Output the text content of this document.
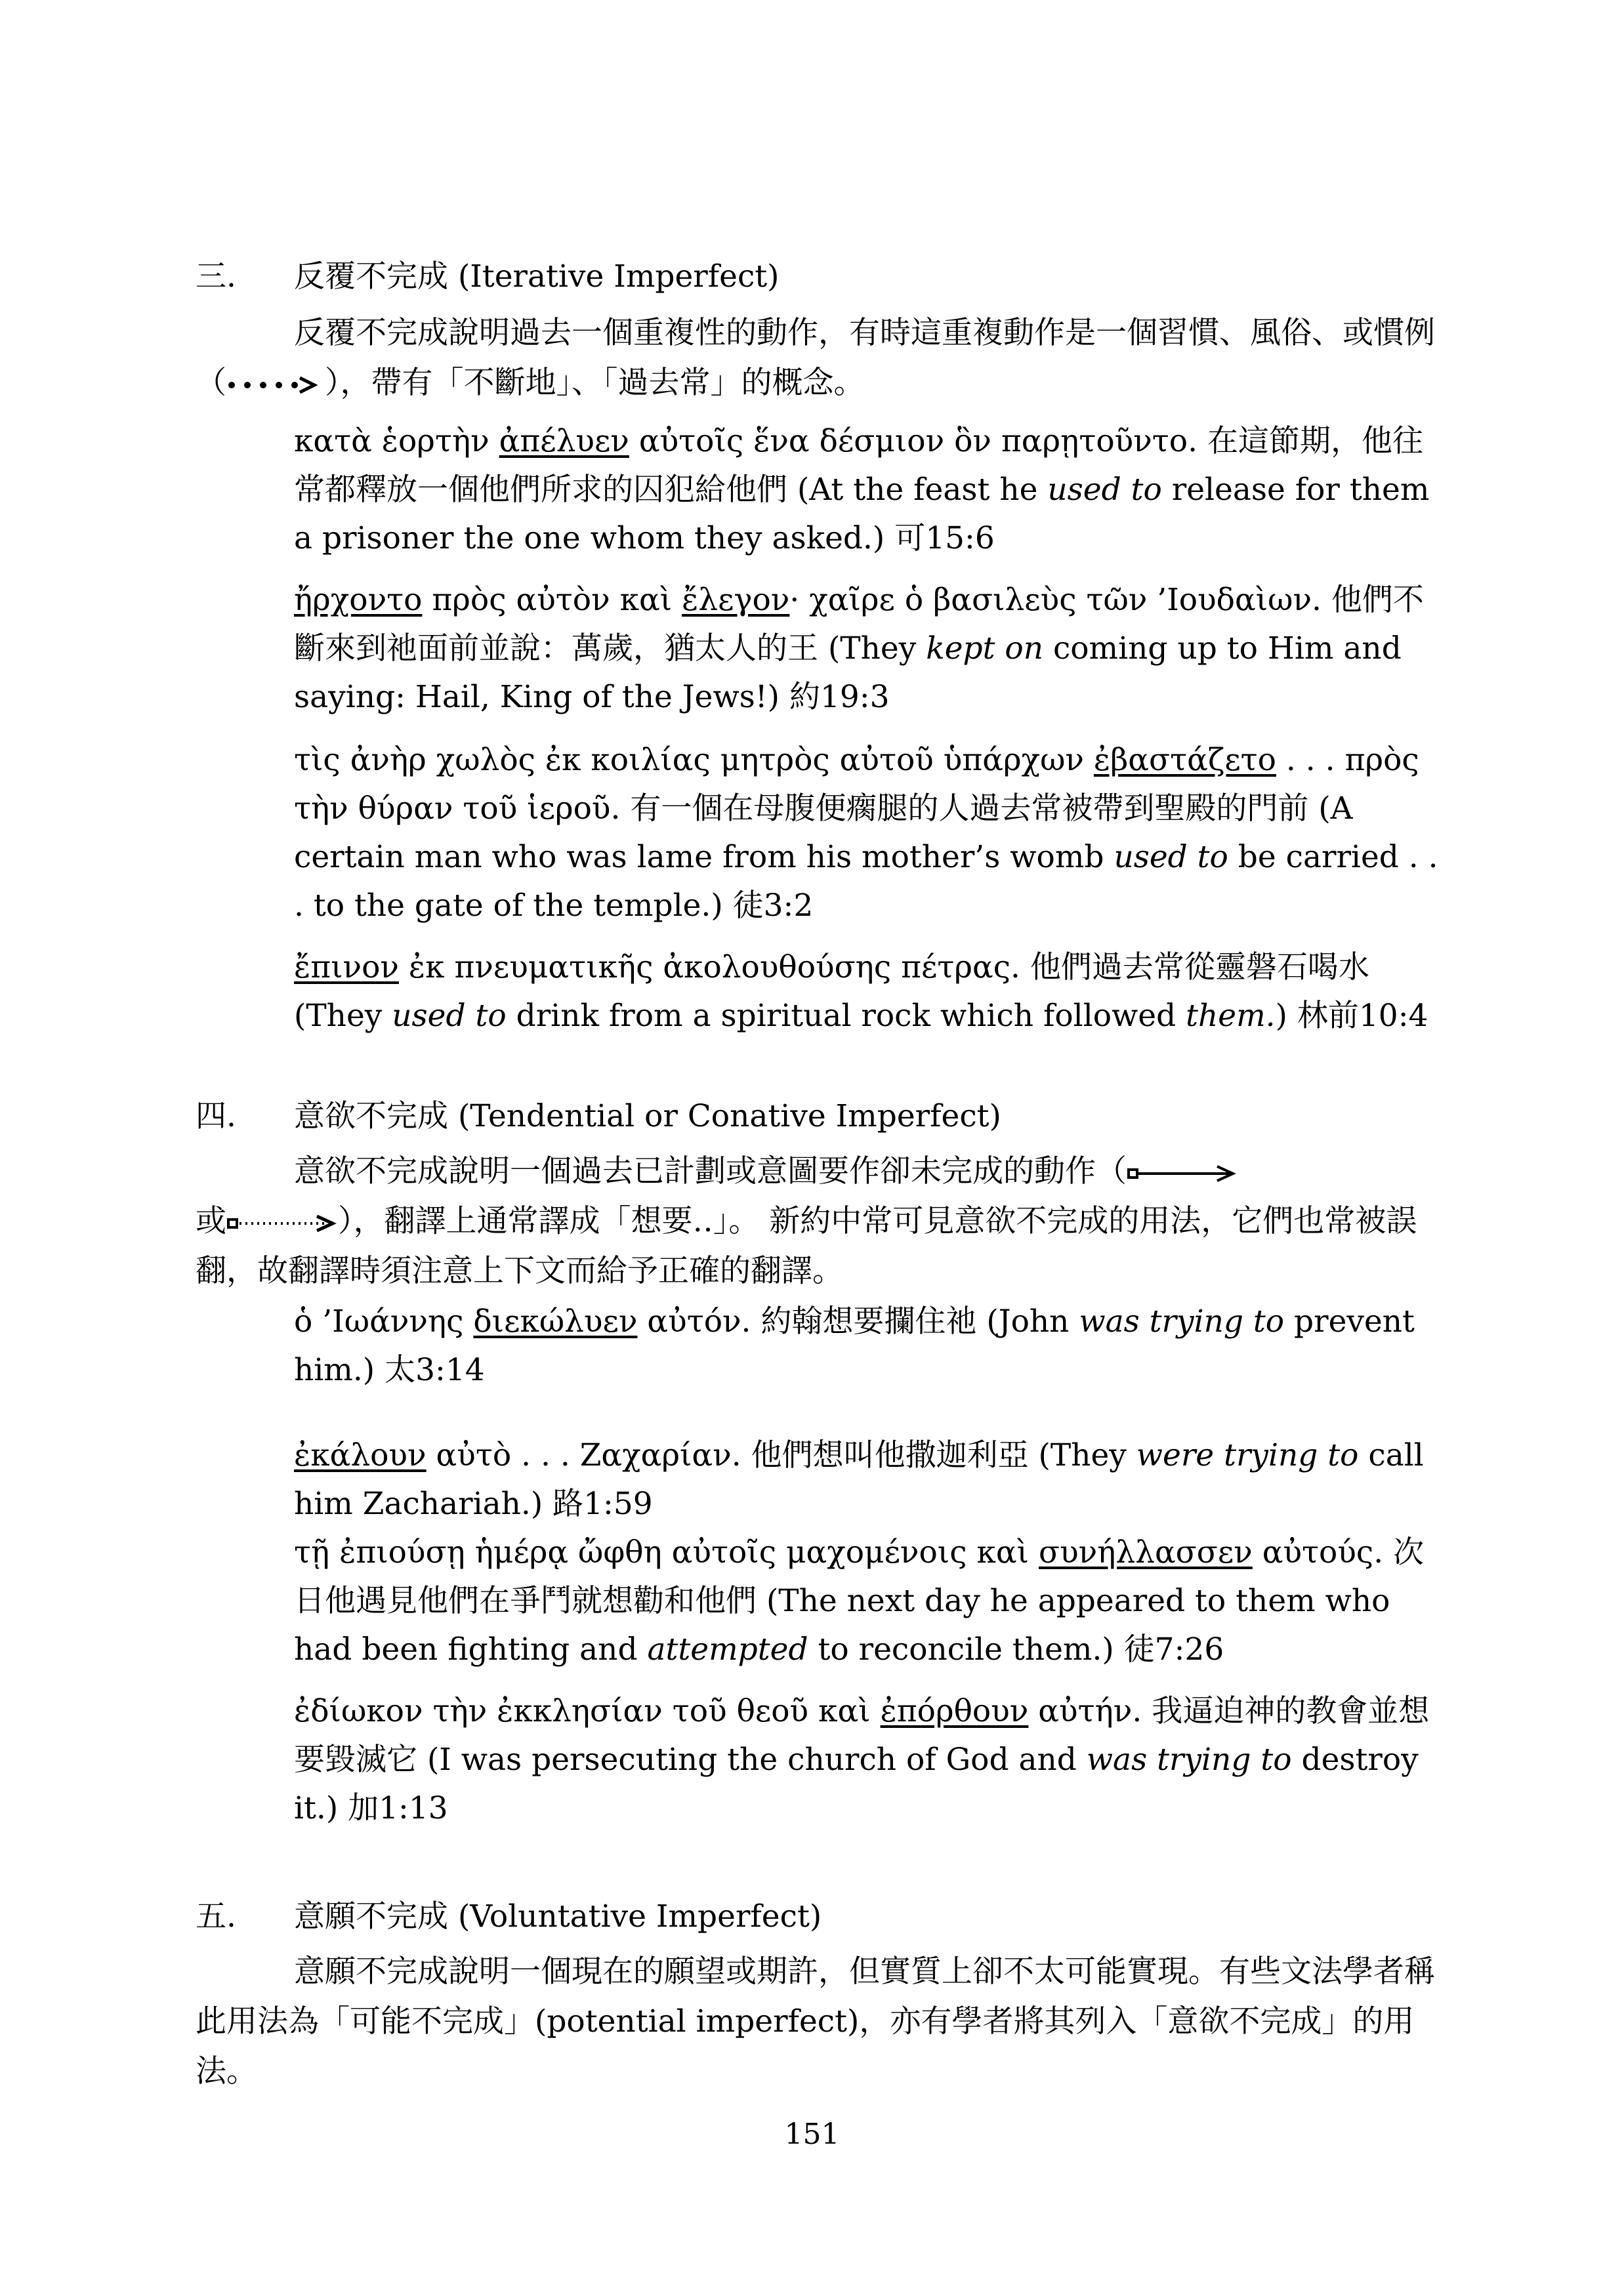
三. 反覆不完成 (Iterative Imperfect)
反覆不完成說明過去一個重複性的動作，有時這重複動作是一個習慣、風俗、或慣例（	），帶有「不斷地」、「過去常」的概念。
κατὰ ἑορτὴν ἀπέλυεν αὐτοῖς ἕνα δέσμιον ὃν παρῃτοῦντο. 在這節期，他往常都釋放一個他們所求的囚犯給他們 (At the feast he used to release for them a prisoner the one whom they asked.) 可15:6
ἤρχοντο πρὸς αὐτὸν καὶ ἔλεγον· χαῖρε ὁ βασιλεὺς τῶν ’Ιουδαὶων. 他們不斷來到祂面前並說：萬歲，猶太人的王 (They kept on coming up to Him and saying: Hail, King of the Jews!) 約19:3
τὶς ἀνὴρ χωλὸς ἐκ κοιλίας μητρὸς αὐτοῦ ὑπάρχων ἐβαστάζετο . . . πρὸς τὴν θύραν τοῦ ἱεροῦ. 有一個在母腹便瘸腿的人過去常被帶到聖殿的門前 (A certain man who was lame from his mother’s womb used to be carried . . . to the gate of the temple.) 徒3:2
ἔπινον ἐκ πνευματικῆς ἀκολουθούσης πέτρας. 他們過去常從靈磐石喝水 (They used to drink from a spiritual rock which followed them.) 林前10:4
四. 意欲不完成 (Tendential or Conative Imperfect)
意欲不完成說明一個過去已計劃或意圖要作卻未完成的動作（
或	），翻譯上通常譯成「想要‥」。 新約中常可見意欲不完成的用法，它們也常被誤翻，故翻譯時須注意上下文而給予正確的翻譯。
ὁ ’Ιωάννης διεκώλυεν αὐτόν. 約翰想要攔住祂 (John was trying to prevent him.) 太3:14
ἐκάλουν αὐτὸ . . . Ζαχαρίαν. 他們想叫他撒迦利亞 (They were trying to call him Zachariah.) 路1:59
τῇ ἐπιούσῃ ἡμέρᾳ ὤφθη αὐτοῖς μαχομένοις καὶ συνήλλασσεν αὐτούς. 次日他遇見他們在爭鬥就想勸和他們 (The next day he appeared to them who had been fighting and attempted to reconcile them.) 徒7:26
ἐδίωκον τὴν ἐκκλησίαν τοῦ θεοῦ καὶ ἐπόρθουν αὐτήν. 我逼迫神的教會並想要毀滅它 (I was persecuting the church of God and was trying to destroy it.) 加1:13
五. 意願不完成 (Voluntative Imperfect)
意願不完成說明一個現在的願望或期許，但實質上卻不太可能實現。有些文法學者稱此用法為「可能不完成」(potential imperfect)，亦有學者將其列入「意欲不完成」的用法。
151
